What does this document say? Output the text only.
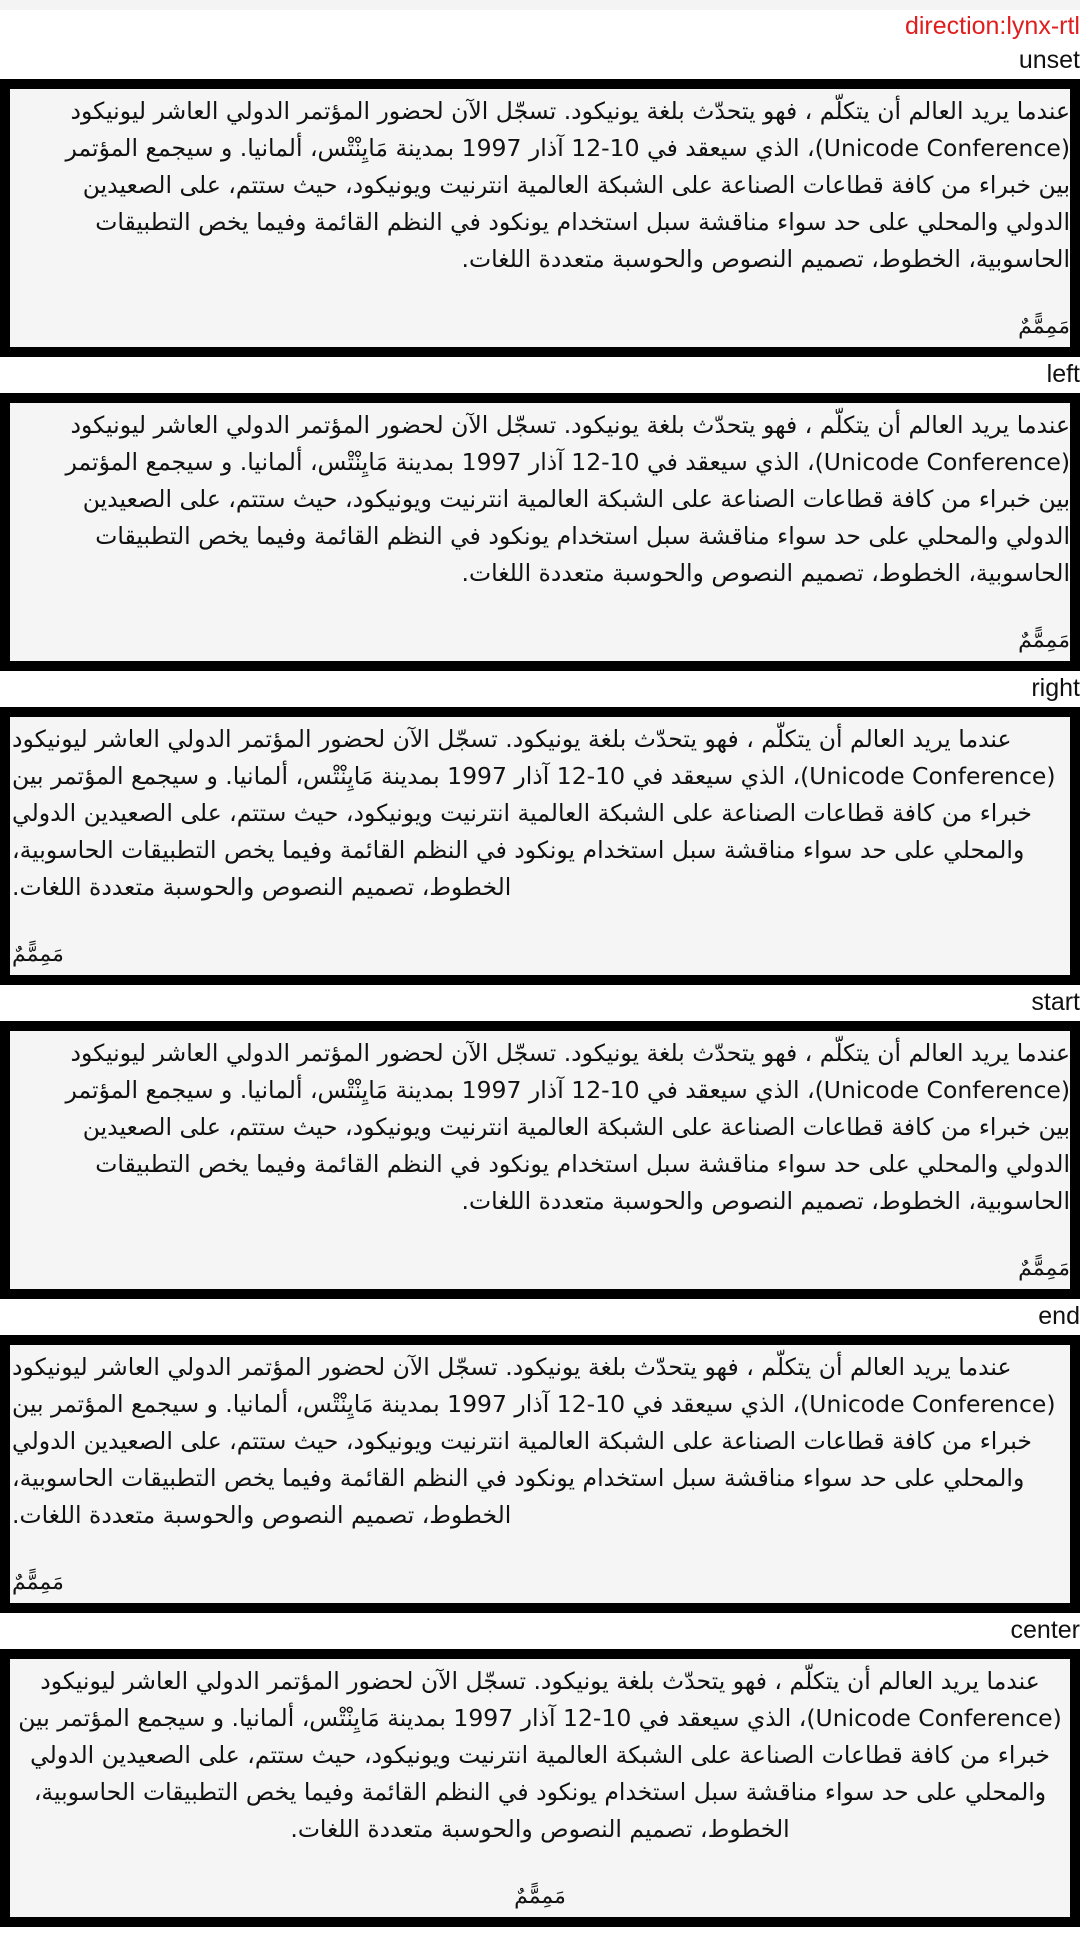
direction:lynx-rtl
unset
عندما يريد العالم أن يتكلّم ، فهو يتحدّث بلغة يونيكود. تسجّل الآن لحضور المؤتمر الدولي العاشر ليونيكود (Unicode Conference)، الذي سيعقد في 10-12 آذار 1997 بمدينة مَايِنْتْس، ألمانيا. و سيجمع المؤتمر بين خبراء من كافة قطاعات الصناعة على الشبكة العالمية انترنيت ويونيكود، حيث ستتم، على الصعيدين الدولي والمحلي على حد سواء مناقشة سبل استخدام يونكود في النظم القائمة وفيما يخص التطبيقات الحاسوبية، الخطوط، تصميم النصوص والحوسبة متعددة اللغات.
مَمِمًّمٌ
left
عندما يريد العالم أن يتكلّم ، فهو يتحدّث بلغة يونيكود. تسجّل الآن لحضور المؤتمر الدولي العاشر ليونيكود (Unicode Conference)، الذي سيعقد في 10-12 آذار 1997 بمدينة مَايِنْتْس، ألمانيا. و سيجمع المؤتمر بين خبراء من كافة قطاعات الصناعة على الشبكة العالمية انترنيت ويونيكود، حيث ستتم، على الصعيدين الدولي والمحلي على حد سواء مناقشة سبل استخدام يونكود في النظم القائمة وفيما يخص التطبيقات الحاسوبية، الخطوط، تصميم النصوص والحوسبة متعددة اللغات.
مَمِمًّمٌ
right
عندما يريد العالم أن يتكلّم ، فهو يتحدّث بلغة يونيكود. تسجّل الآن لحضور المؤتمر الدولي العاشر ليونيكود (Unicode Conference)، الذي سيعقد في 10-12 آذار 1997 بمدينة مَايِنْتْس، ألمانيا. و سيجمع المؤتمر بين خبراء من كافة قطاعات الصناعة على الشبكة العالمية انترنيت ويونيكود، حيث ستتم، على الصعيدين الدولي والمحلي على حد سواء مناقشة سبل استخدام يونكود في النظم القائمة وفيما يخص التطبيقات الحاسوبية، الخطوط، تصميم النصوص والحوسبة متعددة اللغات.
مَمِمًّمٌ
start
عندما يريد العالم أن يتكلّم ، فهو يتحدّث بلغة يونيكود. تسجّل الآن لحضور المؤتمر الدولي العاشر ليونيكود (Unicode Conference)، الذي سيعقد في 10-12 آذار 1997 بمدينة مَايِنْتْس، ألمانيا. و سيجمع المؤتمر بين خبراء من كافة قطاعات الصناعة على الشبكة العالمية انترنيت ويونيكود، حيث ستتم، على الصعيدين الدولي والمحلي على حد سواء مناقشة سبل استخدام يونكود في النظم القائمة وفيما يخص التطبيقات الحاسوبية، الخطوط، تصميم النصوص والحوسبة متعددة اللغات.
مَمِمًّمٌ
end
عندما يريد العالم أن يتكلّم ، فهو يتحدّث بلغة يونيكود. تسجّل الآن لحضور المؤتمر الدولي العاشر ليونيكود (Unicode Conference)، الذي سيعقد في 10-12 آذار 1997 بمدينة مَايِنْتْس، ألمانيا. و سيجمع المؤتمر بين خبراء من كافة قطاعات الصناعة على الشبكة العالمية انترنيت ويونيكود، حيث ستتم، على الصعيدين الدولي والمحلي على حد سواء مناقشة سبل استخدام يونكود في النظم القائمة وفيما يخص التطبيقات الحاسوبية، الخطوط، تصميم النصوص والحوسبة متعددة اللغات.
مَمِمًّمٌ
center
عندما يريد العالم أن يتكلّم ، فهو يتحدّث بلغة يونيكود. تسجّل الآن لحضور المؤتمر الدولي العاشر ليونيكود (Unicode Conference)، الذي سيعقد في 10-12 آذار 1997 بمدينة مَايِنْتْس، ألمانيا. و سيجمع المؤتمر بين خبراء من كافة قطاعات الصناعة على الشبكة العالمية انترنيت ويونيكود، حيث ستتم، على الصعيدين الدولي والمحلي على حد سواء مناقشة سبل استخدام يونكود في النظم القائمة وفيما يخص التطبيقات الحاسوبية، الخطوط، تصميم النصوص والحوسبة متعددة اللغات.
مَمِمًّمٌ
